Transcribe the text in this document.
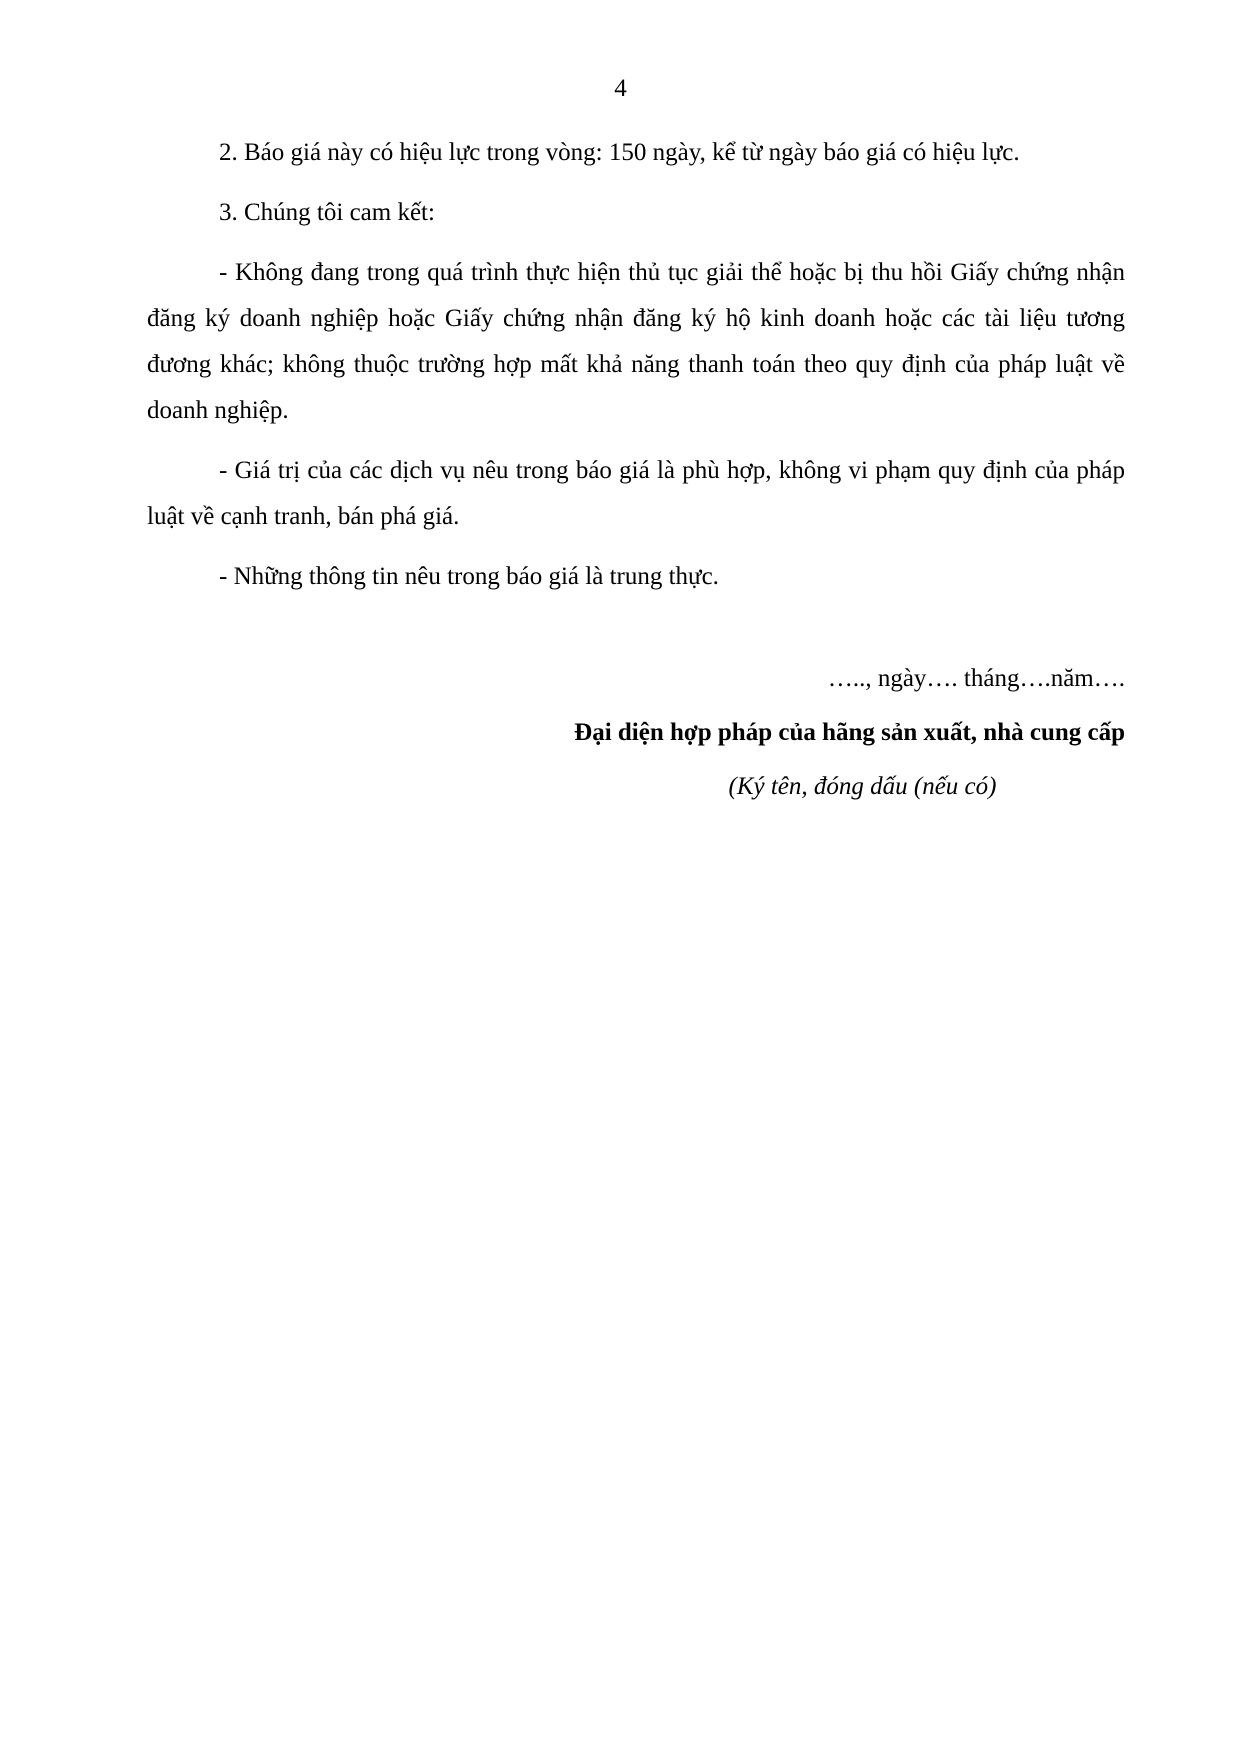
4

2. Báo giá này có hiệu lực trong vòng: 150 ngày, kể từ ngày báo giá có hiệu lực.

3. Chúng tôi cam kết:

- Không đang trong quá trình thực hiện thủ tục giải thể hoặc bị thu hồi Giấy chứng nhận đăng ký doanh nghiệp hoặc Giấy chứng nhận đăng ký hộ kinh doanh hoặc các tài liệu tương đương khác; không thuộc trường hợp mất khả năng thanh toán theo quy định của pháp luật về doanh nghiệp.

- Giá trị của các dịch vụ nêu trong báo giá là phù hợp, không vi phạm quy định của pháp luật về cạnh tranh, bán phá giá.

- Những thông tin nêu trong báo giá là trung thực.

….., ngày…. tháng….năm….

Đại diện hợp pháp của hãng sản xuất, nhà cung cấp

(Ký tên, đóng dấu (nếu có)
